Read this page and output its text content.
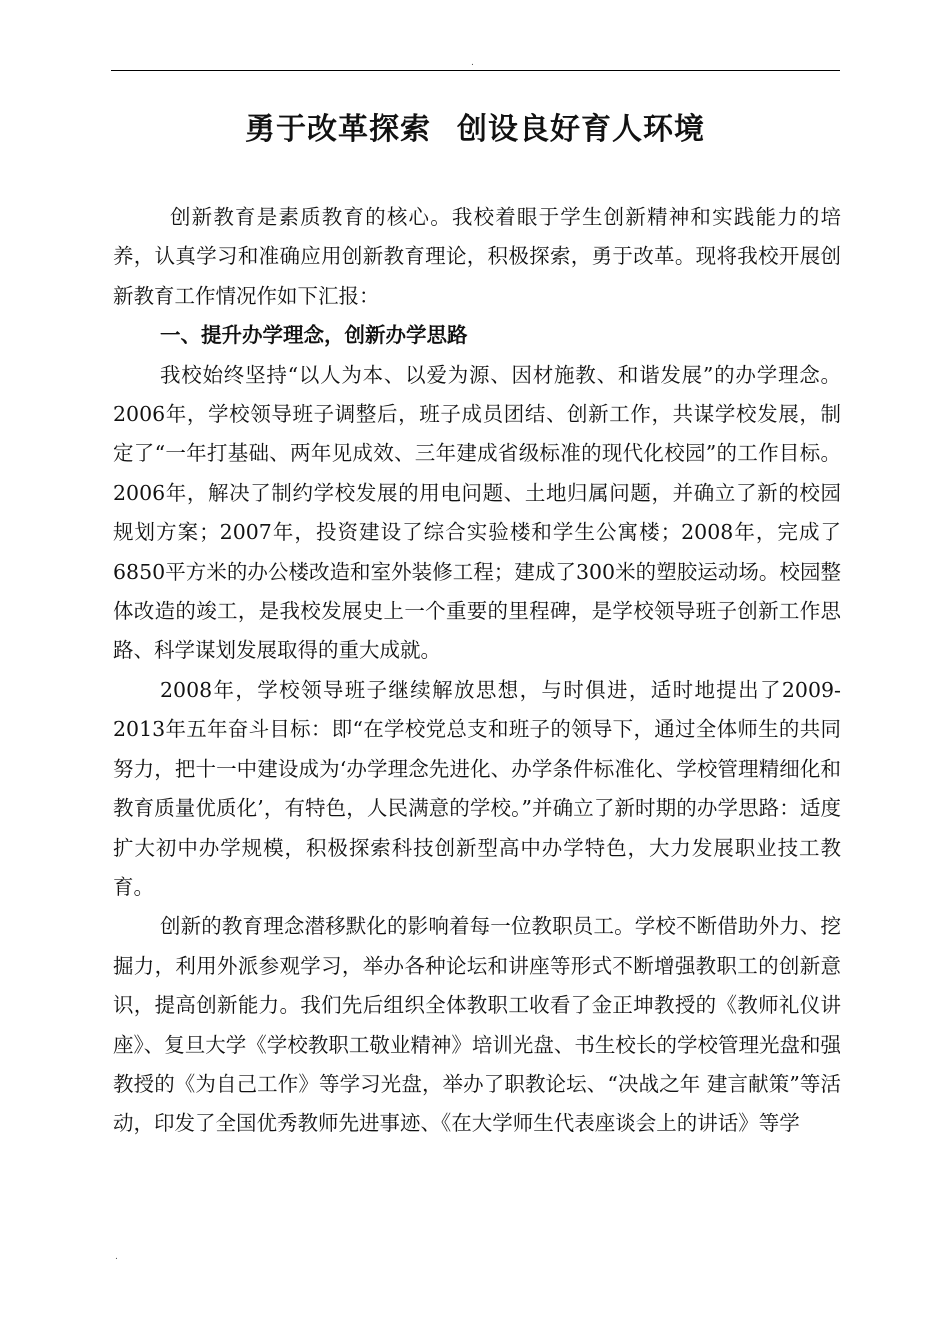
.
勇于改革探索 创设良好育人环境

创新教育是素质教育的核心。我校着眼于学生创新精神和实践能力的培养，认真学习和准确应用创新教育理论，积极探索，勇于改革。现将我校开展创新教育工作情况作如下汇报：

一、提升办学理念，创新办学思路

我校始终坚持“以人为本、以爱为源、因材施教、和谐发展”的办学理念。2006年，学校领导班子调整后，班子成员团结、创新工作，共谋学校发展，制定了“一年打基础、两年见成效、三年建成省级标准的现代化校园”的工作目标。2006年，解决了制约学校发展的用电问题、土地归属问题，并确立了新的校园规划方案；2007年，投资建设了综合实验楼和学生公寓楼；2008年，完成了6850平方米的办公楼改造和室外装修工程；建成了300米的塑胶运动场。校园整体改造的竣工，是我校发展史上一个重要的里程碑，是学校领导班子创新工作思路、科学谋划发展取得的重大成就。

2008年，学校领导班子继续解放思想，与时俱进，适时地提出了2009-2013年五年奋斗目标：即“在学校党总支和班子的领导下，通过全体师生的共同努力，把十一中建设成为‘办学理念先进化、办学条件标准化、学校管理精细化和教育质量优质化’，有特色，人民满意的学校。”并确立了新时期的办学思路：适度扩大初中办学规模，积极探索科技创新型高中办学特色，大力发展职业技工教育。

创新的教育理念潜移默化的影响着每一位教职员工。学校不断借助外力、挖掘力，利用外派参观学习，举办各种论坛和讲座等形式不断增强教职工的创新意识，提高创新能力。我们先后组织全体教职工收看了金正坤教授的《教师礼仪讲座》、复旦大学《学校教职工敬业精神》培训光盘、书生校长的学校管理光盘和强教授的《为自己工作》等学习光盘，举办了职教论坛、“决战之年 建言献策”等活动，印发了全国优秀教师先进事迹、《在大学师生代表座谈会上的讲话》等学

.
